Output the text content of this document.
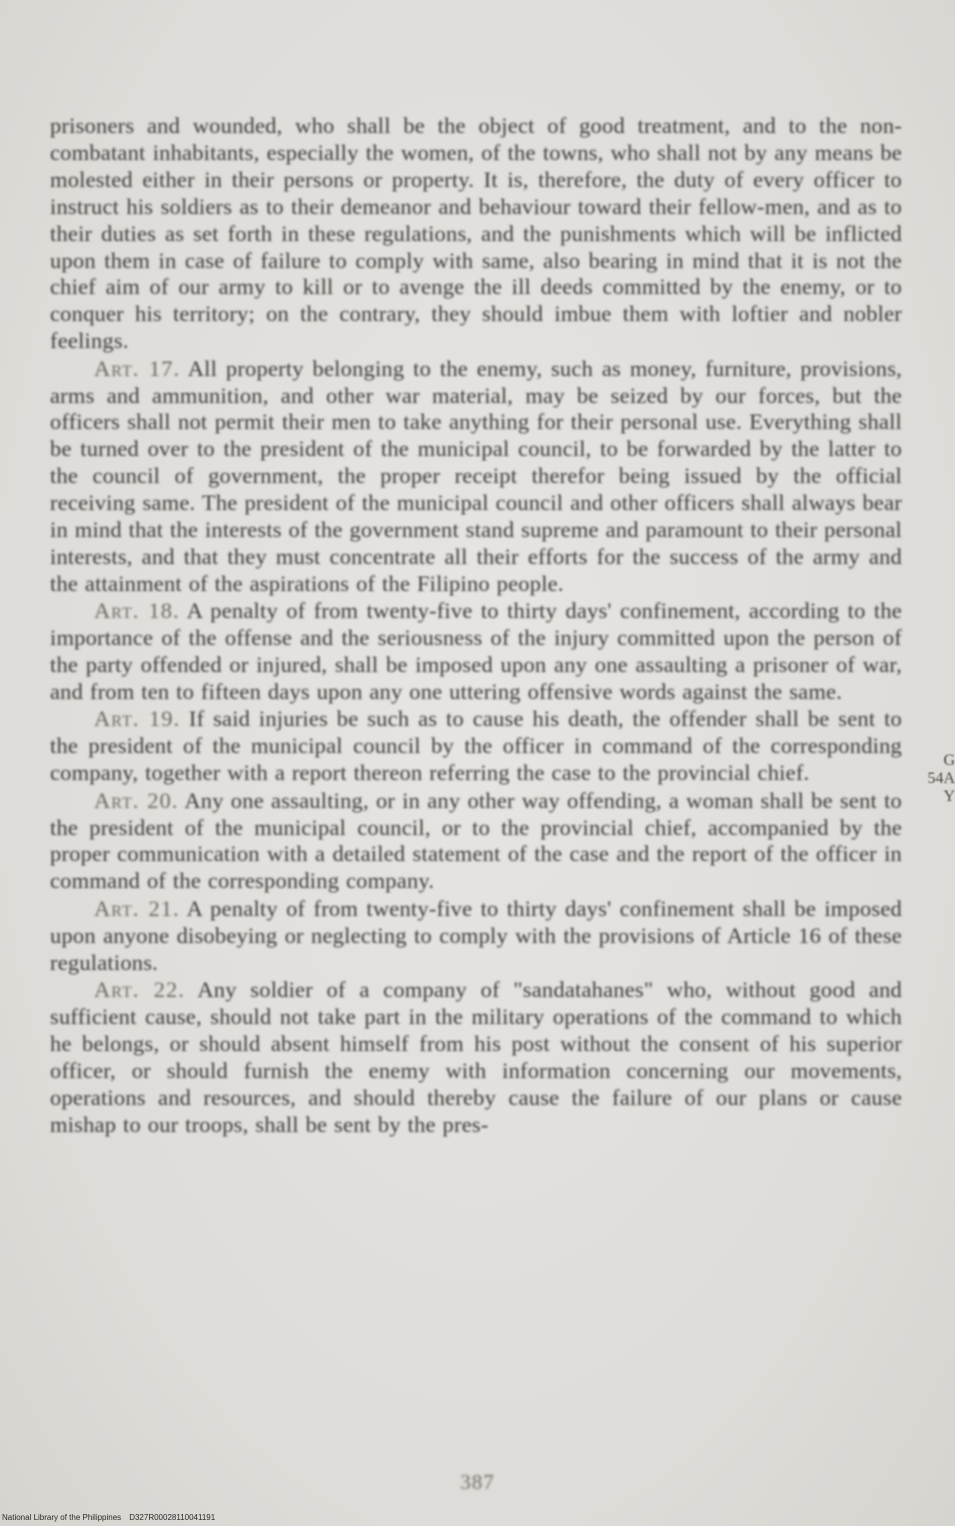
prisoners and wounded, who shall be the object of good treatment, and to the non-combatant inhabitants, especially the women, of the towns, who shall not by any means be molested either in their persons or property. It is, therefore, the duty of every officer to instruct his soldiers as to their demeanor and behaviour toward their fellow-men, and as to their duties as set forth in these regulations, and the punishments which will be inflicted upon them in case of failure to comply with same, also bearing in mind that it is not the chief aim of our army to kill or to avenge the ill deeds committed by the enemy, or to conquer his territory; on the contrary, they should imbue them with loftier and nobler feelings.

Art. 17. All property belonging to the enemy, such as money, furniture, provisions, arms and ammunition, and other war material, may be seized by our forces, but the officers shall not permit their men to take anything for their personal use. Everything shall be turned over to the president of the municipal council, to be forwarded by the latter to the council of government, the proper receipt therefor being issued by the official receiving same. The president of the municipal council and other officers shall always bear in mind that the interests of the government stand supreme and paramount to their personal interests, and that they must concentrate all their efforts for the success of the army and the attainment of the aspirations of the Filipino people.

Art. 18. A penalty of from twenty-five to thirty days' confinement, according to the importance of the offense and the seriousness of the injury committed upon the person of the party offended or injured, shall be imposed upon any one assaulting a prisoner of war, and from ten to fifteen days upon any one uttering offensive words against the same.

Art. 19. If said injuries be such as to cause his death, the offender shall be sent to the president of the municipal council by the officer in command of the corresponding company, together with a report thereon referring the case to the provincial chief.

Art. 20. Any one assaulting, or in any other way offending, a woman shall be sent to the president of the municipal council, or to the provincial chief, accompanied by the proper communication with a detailed statement of the case and the report of the officer in command of the corresponding company.

Art. 21. A penalty of from twenty-five to thirty days' confinement shall be imposed upon anyone disobeying or neglecting to comply with the provisions of Article 16 of these regulations.

Art. 22. Any soldier of a company of "sandatahanes" who, without good and sufficient cause, should not take part in the military operations of the command to which he belongs, or should absent himself from his post without the consent of his superior officer, or should furnish the enemy with information concerning our movements, operations and resources, and should thereby cause the failure of our plans or cause mishap to our troops, shall be sent by the pres-

G
54A Y
387
National Library of the Philippines D327R00028110041191
